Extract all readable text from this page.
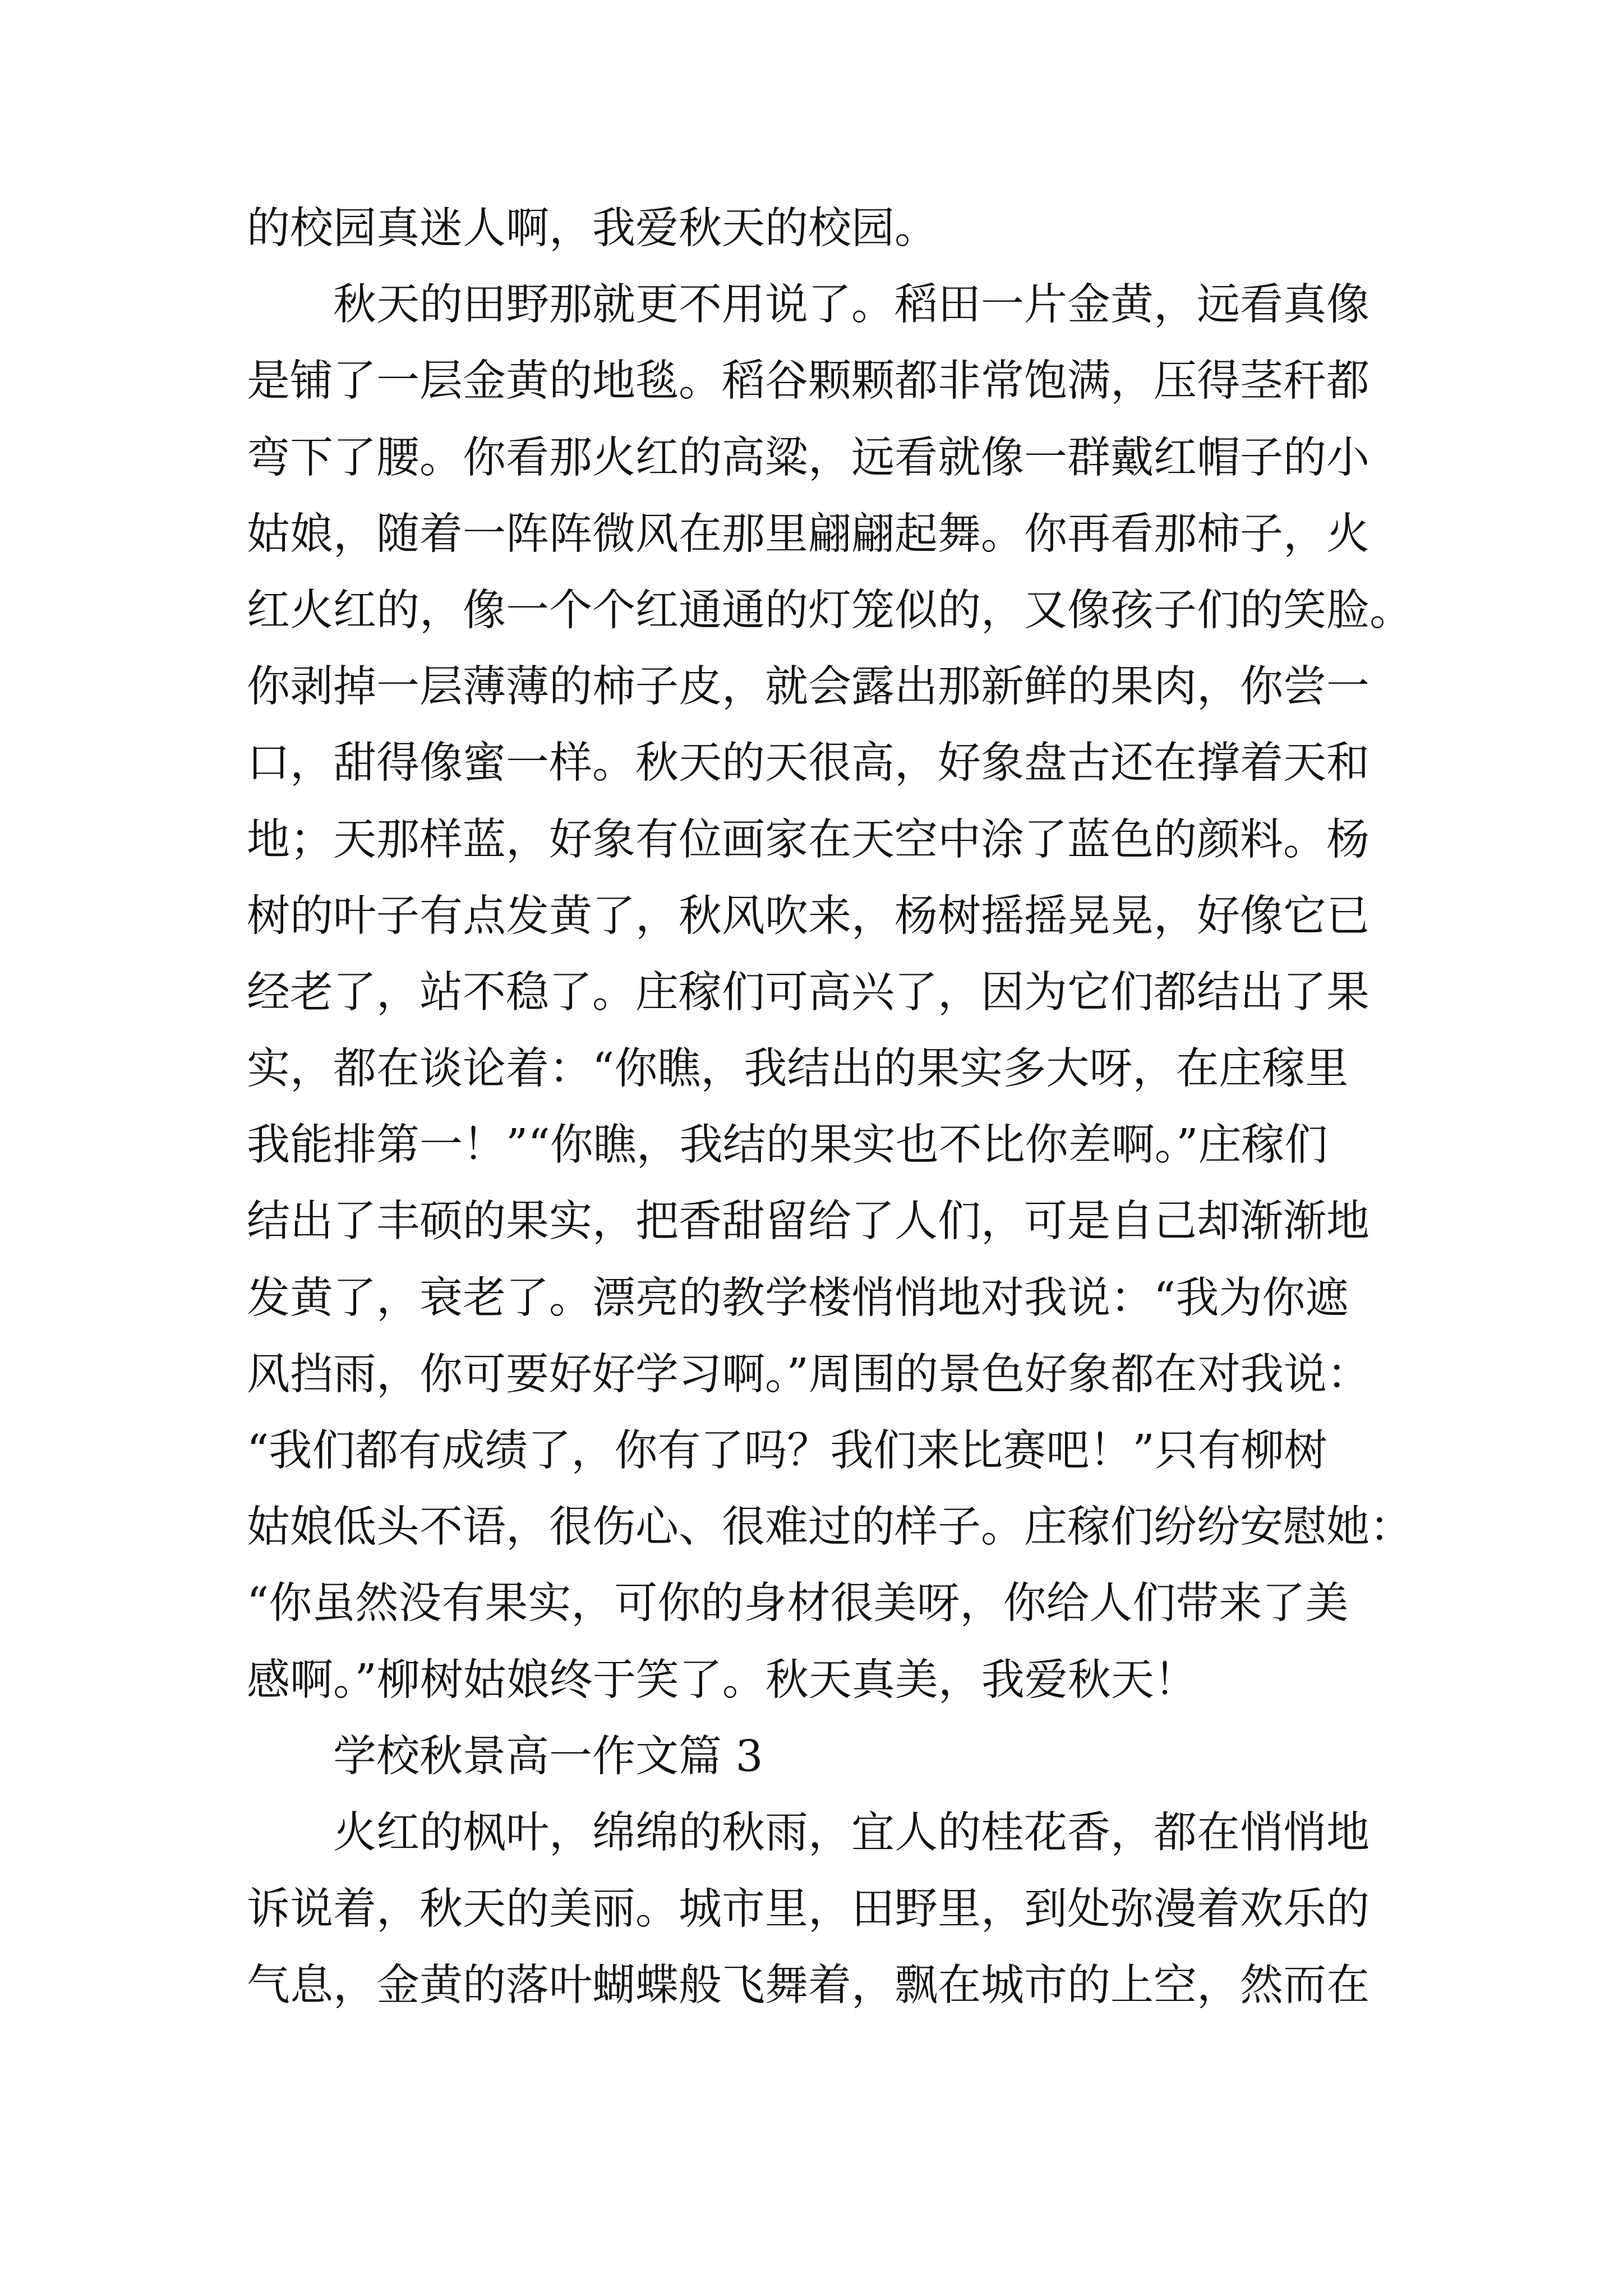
的校园真迷人啊，我爱秋天的校园。
秋天的田野那就更不用说了。稻田一片金黄，远看真像
是铺了一层金黄的地毯。稻谷颗颗都非常饱满，压得茎秆都
弯下了腰。你看那火红的高粱，远看就像一群戴红帽子的小
姑娘，随着一阵阵微风在那里翩翩起舞。你再看那柿子，火
红火红的，像一个个红通通的灯笼似的，又像孩子们的笑脸。
你剥掉一层薄薄的柿子皮，就会露出那新鲜的果肉，你尝一
口，甜得像蜜一样。秋天的天很高，好象盘古还在撑着天和
地；天那样蓝，好象有位画家在天空中涂了蓝色的颜料。杨
树的叶子有点发黄了，秋风吹来，杨树摇摇晃晃，好像它已
经老了，站不稳了。庄稼们可高兴了，因为它们都结出了果
实，都在谈论着：“你瞧，我结出的果实多大呀，在庄稼里
我能排第一！”“你瞧，我结的果实也不比你差啊。”庄稼们
结出了丰硕的果实，把香甜留给了人们，可是自己却渐渐地
发黄了，衰老了。漂亮的教学楼悄悄地对我说：“我为你遮
风挡雨，你可要好好学习啊。”周围的景色好象都在对我说：
“我们都有成绩了，你有了吗？我们来比赛吧！”只有柳树
姑娘低头不语，很伤心、很难过的样子。庄稼们纷纷安慰她：
“你虽然没有果实，可你的身材很美呀，你给人们带来了美
感啊。”柳树姑娘终于笑了。秋天真美，我爱秋天！
学校秋景高一作文篇 3
火红的枫叶，绵绵的秋雨，宜人的桂花香，都在悄悄地
诉说着，秋天的美丽。城市里，田野里，到处弥漫着欢乐的
气息，金黄的落叶蝴蝶般飞舞着，飘在城市的上空，然而在
